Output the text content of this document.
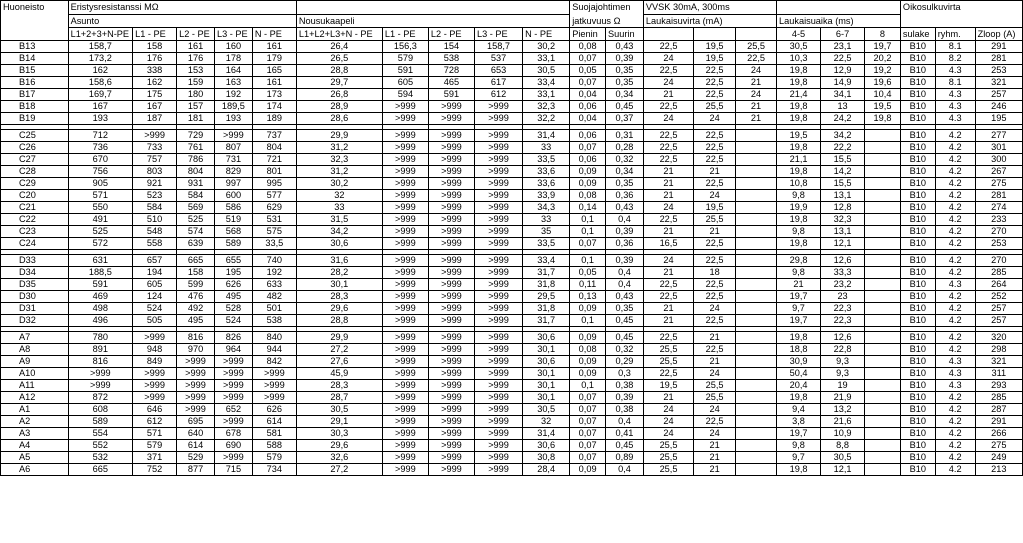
Huoneisto	Eristysresistanssi MΩ										Suojajohtimen		VVSK 30mA, 300ms						Oikosulkuvirta		
	Asunto					Nousukaapeli					jatkuvuus Ω		Laukaisuvirta (mA)			Laukaisuaika (ms)					
	L1+2+3+N-PE	L1 - PE	L2 - PE	L3 - PE	N - PE	L1+L2+L3+N - PE	L1 - PE	L2 - PE	L3 - PE	N - PE	Pienin	Suurin				4-5	6-7	8	sulake	ryhm.	Zloop (A)
B13	158,7	158	161	160	161	26,4	156,3	154	158,7	30,2	0,08	0,43	22,5	19,5	25,5	30,5	23,1	19,7	B10	8.1	291
B14	173,2	176	176	178	179	26,5	579	538	537	33,1	0,07	0,39	24	19,5	22,5	10,3	22,5	20,2	B10	8.2	281
B15	162	338	153	164	165	28,8	591	728	653	30,5	0,05	0,35	22,5	22,5	24	19,8	12,9	19,2	B10	4.3	253
B16	158,6	162	159	163	161	29,7	605	465	617	33,4	0,07	0,35	24	22,5	21	19,8	14,9	19,6	B10	8.1	321
B17	169,7	175	180	192	173	26,8	594	591	612	33,1	0,04	0,34	21	22,5	24	21,4	34,1	10,4	B10	4.3	257
B18	167	167	157	189,5	174	28,9	>999	>999	>999	32,3	0,06	0,45	22,5	25,5	21	19,8	13	19,5	B10	4.3	246
B19	193	187	181	193	189	28,6	>999	>999	>999	32,2	0,04	0,37	24	24	21	19,8	24,2	19,8	B10	4.3	195

C25	712	>999	729	>999	737	29,9	>999	>999	>999	31,4	0,06	0,31	22,5	22,5		19,5	34,2		B10	4.2	277
C26	736	733	761	807	804	31,2	>999	>999	>999	33	0,07	0,28	22,5	22,5		19,8	22,2		B10	4.2	301
C27	670	757	786	731	721	32,3	>999	>999	>999	33,5	0,06	0,32	22,5	22,5		21,1	15,5		B10	4.2	300
C28	756	803	804	829	801	31,2	>999	>999	>999	33,6	0,09	0,34	21	21		19,8	14,2		B10	4.2	267
C29	905	921	931	997	995	30,2	>999	>999	>999	33,6	0,09	0,35	21	22,5		10,8	15,5		B10	4.2	275
C20	571	523	584	600	577	32	>999	>999	>999	33,9	0,08	0,36	21	24		9,8	13,1		B10	4.2	281
C21	550	584	569	586	629	33	>999	>999	>999	34,3	0,14	0,43	24	19,5		19,9	12,8		B10	4.2	274
C22	491	510	525	519	531	31,5	>999	>999	>999	33	0,1	0,4	22,5	25,5		19,8	32,3		B10	4.2	233
C23	525	548	574	568	575	34,2	>999	>999	>999	35	0,1	0,39	21	21		9,8	13,1		B10	4.2	270
C24	572	558	639	589	33,5	30,6	>999	>999	>999	33,5	0,07	0,36	16,5	22,5		19,8	12,1		B10	4.2	253

D33	631	657	665	655	740	31,6	>999	>999	>999	33,4	0,1	0,39	24	22,5		29,8	12,6		B10	4.2	270
D34	188,5	194	158	195	192	28,2	>999	>999	>999	31,7	0,05	0,4	21	18		9,8	33,3		B10	4.2	285
D35	591	605	599	626	633	30,1	>999	>999	>999	31,8	0,11	0,4	22,5	22,5		21	23,2		B10	4.3	264
D30	469	124	476	495	482	28,3	>999	>999	>999	29,5	0,13	0,43	22,5	22,5		19,7	23		B10	4.2	252
D31	498	524	492	528	501	29,6	>999	>999	>999	31,8	0,09	0,35	21	24		9,7	22,3		B10	4.2	257
D32	496	505	495	524	538	28,8	>999	>999	>999	31,7	0,1	0,45	21	22,5		19,7	22,3		B10	4.2	257

A7	780	>999	816	826	840	29,9	>999	>999	>999	30,6	0,09	0,45	22,5	21		19,8	12,6		B10	4.2	320
A8	891	948	970	964	944	27,2	>999	>999	>999	30,1	0,08	0,32	25,5	22,5		18,8	22,8		B10	4.2	298
A9	816	849	>999	>999	842	27,6	>999	>999	>999	30,6	0,09	0,29	25,5	21		30,9	9,3		B10	4.3	321
A10	>999	>999	>999	>999	>999	45,9	>999	>999	>999	30,1	0,09	0,3	22,5	24		50,4	9,3		B10	4.3	311
A11	>999	>999	>999	>999	>999	28,3	>999	>999	>999	30,1	0,1	0,38	19,5	25,5		20,4	19		B10	4.3	293
A12	872	>999	>999	>999	>999	28,7	>999	>999	>999	30,1	0,07	0,39	21	25,5		19,8	21,9		B10	4.2	285
A1	608	646	>999	652	626	30,5	>999	>999	>999	30,5	0,07	0,38	24	24		9,4	13,2		B10	4.2	287
A2	589	612	695	>999	614	29,1	>999	>999	>999	32	0,07	0,4	24	22,5		3,8	21,6		B10	4.2	291
A3	554	571	640	678	581	30,3	>999	>999	>999	31,4	0,07	0,41	24	24		19,7	10,9		B10	4.2	266
A4	552	579	614	690	588	29,6	>999	>999	>999	30,6	0,07	0,45	25,5	21		9,8	8,8		B10	4.2	275
A5	532	371	529	>999	579	32,6	>999	>999	>999	30,8	0,07	0,89	25,5	21		9,7	30,5		B10	4.2	249
A6	665	752	877	715	734	27,2	>999	>999	>999	28,4	0,09	0,4	25,5	21		19,8	12,1		B10	4.2	213
